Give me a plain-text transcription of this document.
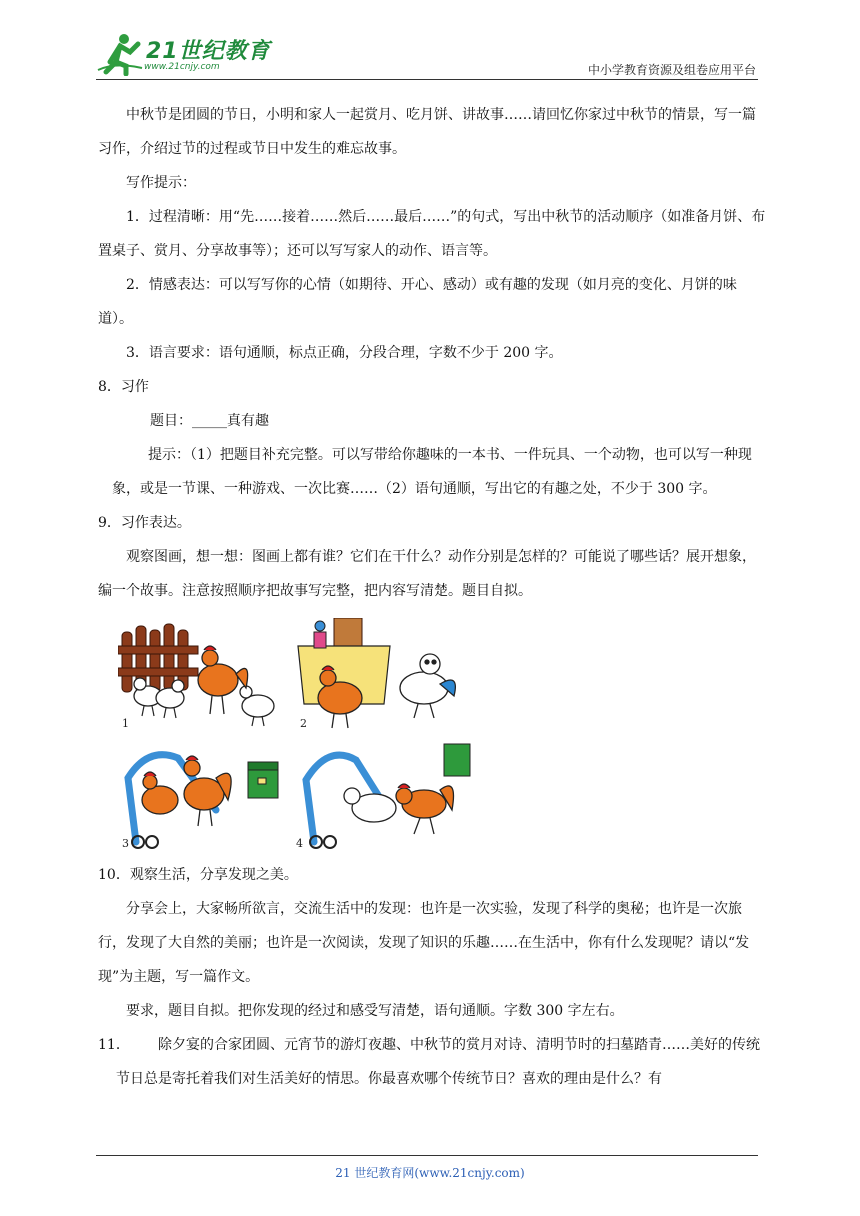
21世纪教育
www.21cnjy.com	中小学教育资源及组卷应用平台

中秋节是团圆的节日，小明和家人一起赏月、吃月饼、讲故事……请回忆你家过中秋节的情景，写一篇习作，介绍过节的过程或节日中发生的难忘故事。

写作提示：

1．过程清晰：用“先……接着……然后……最后……”的句式，写出中秋节的活动顺序（如准备月饼、布置桌子、赏月、分享故事等）；还可以写写家人的动作、语言等。

2．情感表达：可以写写你的心情（如期待、开心、感动）或有趣的发现（如月亮的变化、月饼的味道）。

3．语言要求：语句通顺，标点正确，分段合理，字数不少于 200 字。

8．习作

题目：_____真有趣

提示：（1）把题目补充完整。可以写带给你趣味的一本书、一件玩具、一个动物，也可以写一种现象，或是一节课、一种游戏、一次比赛……（2）语句通顺，写出它的有趣之处，不少于 300 字。

9．习作表达。

观察图画，想一想：图画上都有谁？它们在干什么？动作分别是怎样的？可能说了哪些话？展开想象，编一个故事。注意按照顺序把故事写完整，把内容写清楚。题目自拟。

1	2
3	4

10．观察生活，分享发现之美。

分享会上，大家畅所欲言，交流生活中的发现：也许是一次实验，发现了科学的奥秘；也许是一次旅行，发现了大自然的美丽；也许是一次阅读，发现了知识的乐趣……在生活中，你有什么发现呢？请以“发现”为主题，写一篇作文。

要求，题目自拟。把你发现的经过和感受写清楚，语句通顺。字数 300 字左右。

11． 除夕宴的合家团圆、元宵节的游灯夜趣、中秋节的赏月对诗、清明节时的扫墓踏青……美好的传统节日总是寄托着我们对生活美好的情思。你最喜欢哪个传统节日？喜欢的理由是什么？有

21 世纪教育网(www.21cnjy.com)
